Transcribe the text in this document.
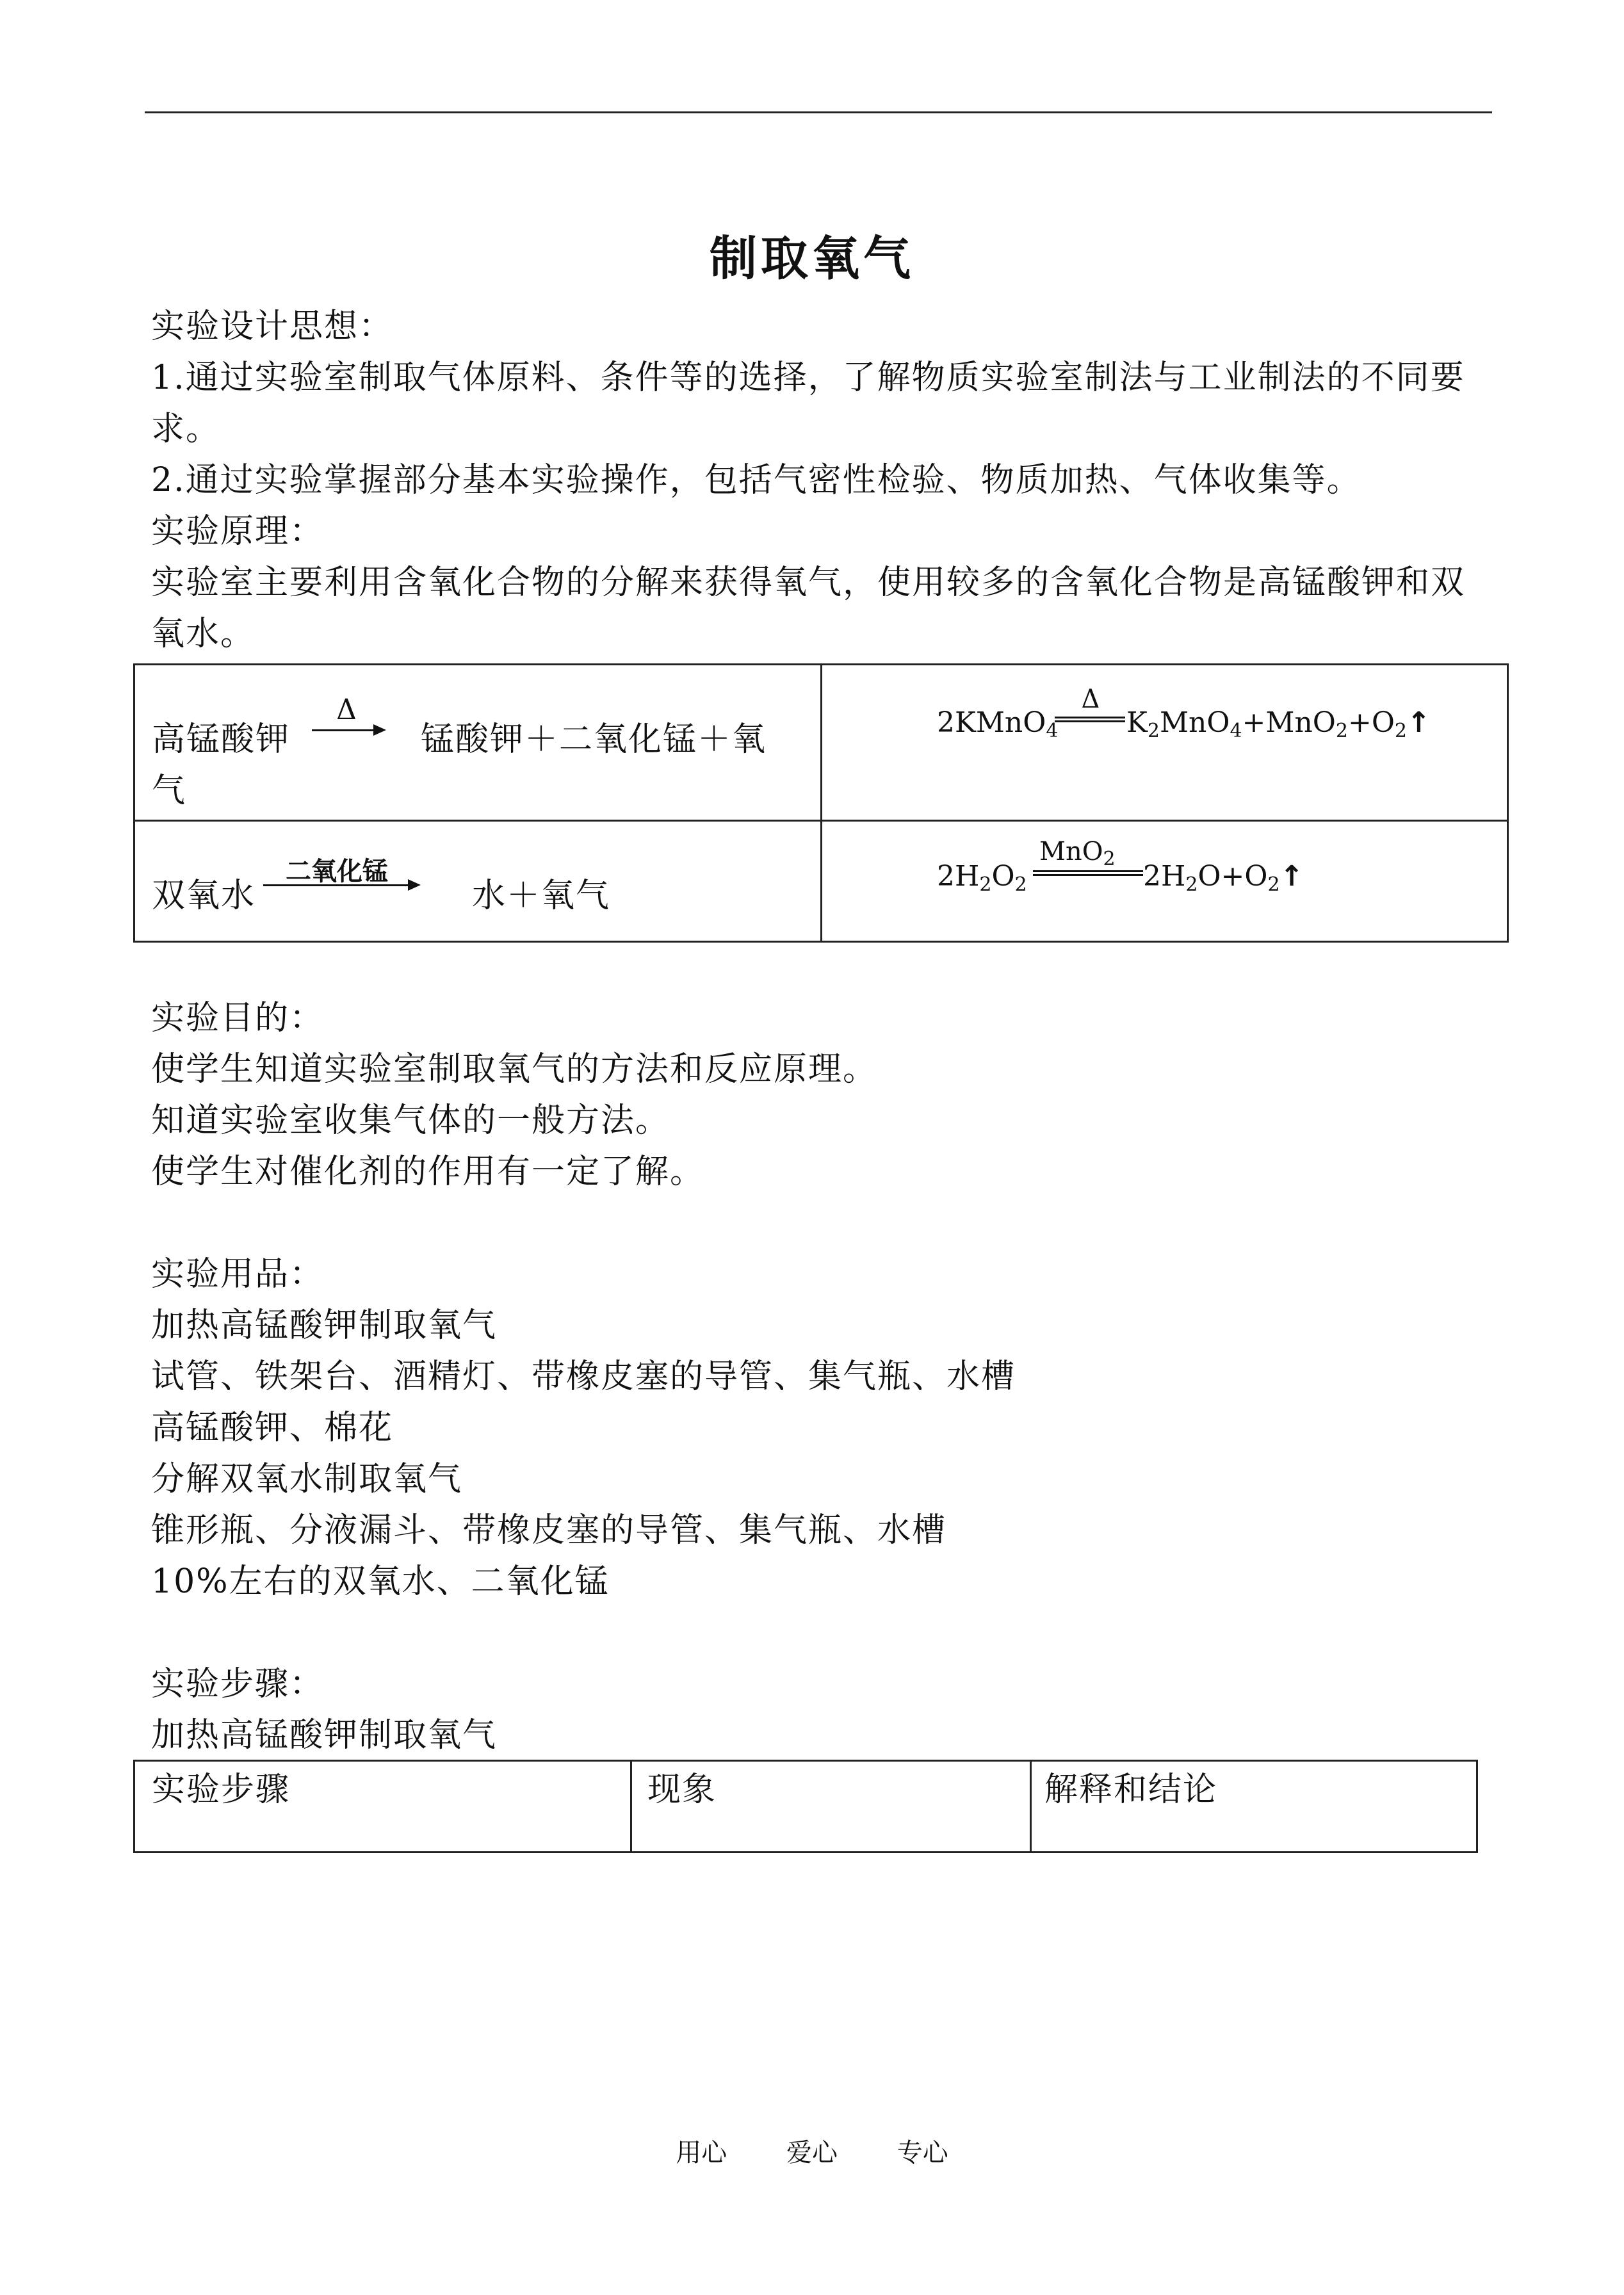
制取氧气
实验设计思想：
1.通过实验室制取气体原料、条件等的选择，了解物质实验室制法与工业制法的不同要求。
2.通过实验掌握部分基本实验操作，包括气密性检验、物质加热、气体收集等。
实验原理：
实验室主要利用含氧化合物的分解来获得氧气，使用较多的含氧化合物是高锰酸钾和双氧水。
高锰酸钾
Δ
锰酸钾＋二氧化锰＋氧
气
2KMnO$_4$
Δ
$K_2MnO_4+MnO_2+O_2↑$
双氧水
二氧化锰
水＋氧气
$2H_2O_2$
MnO$_2$
$2H_2O+O_2↑$
实验目的：
使学生知道实验室制取氧气的方法和反应原理。
知道实验室收集气体的一般方法。
使学生对催化剂的作用有一定了解。
实验用品：
加热高锰酸钾制取氧气
试管、铁架台、酒精灯、带橡皮塞的导管、集气瓶、水槽
高锰酸钾、棉花
分解双氧水制取氧气
锥形瓶、分液漏斗、带橡皮塞的导管、集气瓶、水槽
10%左右的双氧水、二氧化锰
实验步骤：
加热高锰酸钾制取氧气
实验步骤	现象	解释和结论
用心 爱心 专心
